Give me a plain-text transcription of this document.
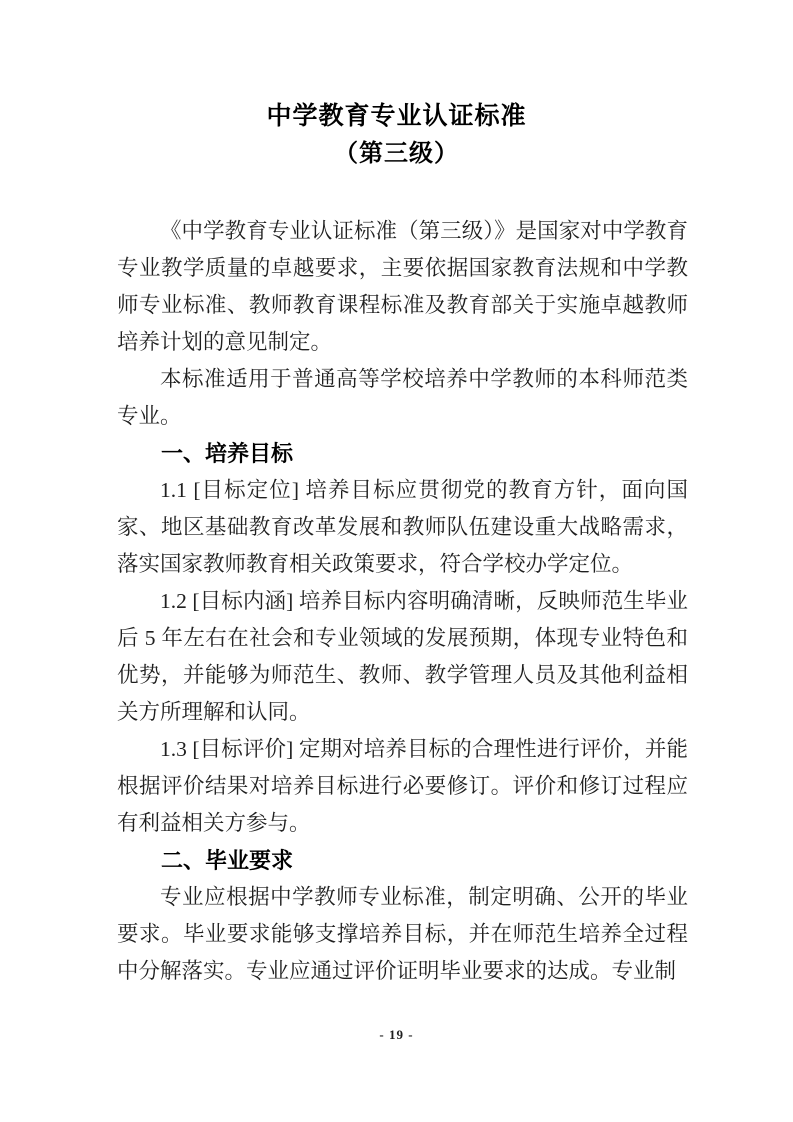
中学教育专业认证标准
（第三级）

《中学教育专业认证标准（第三级）》是国家对中学教育专业教学质量的卓越要求，主要依据国家教育法规和中学教师专业标准、教师教育课程标准及教育部关于实施卓越教师培养计划的意见制定。

本标准适用于普通高等学校培养中学教师的本科师范类专业。

一、培养目标

1.1 [目标定位] 培养目标应贯彻党的教育方针，面向国家、地区基础教育改革发展和教师队伍建设重大战略需求，落实国家教师教育相关政策要求，符合学校办学定位。

1.2 [目标内涵] 培养目标内容明确清晰，反映师范生毕业后 5 年左右在社会和专业领域的发展预期，体现专业特色和优势，并能够为师范生、教师、教学管理人员及其他利益相关方所理解和认同。

1.3 [目标评价] 定期对培养目标的合理性进行评价，并能根据评价结果对培养目标进行必要修订。评价和修订过程应有利益相关方参与。

二、毕业要求

专业应根据中学教师专业标准，制定明确、公开的毕业要求。毕业要求能够支撑培养目标，并在师范生培养全过程中分解落实。专业应通过评价证明毕业要求的达成。专业制

- 19 -
